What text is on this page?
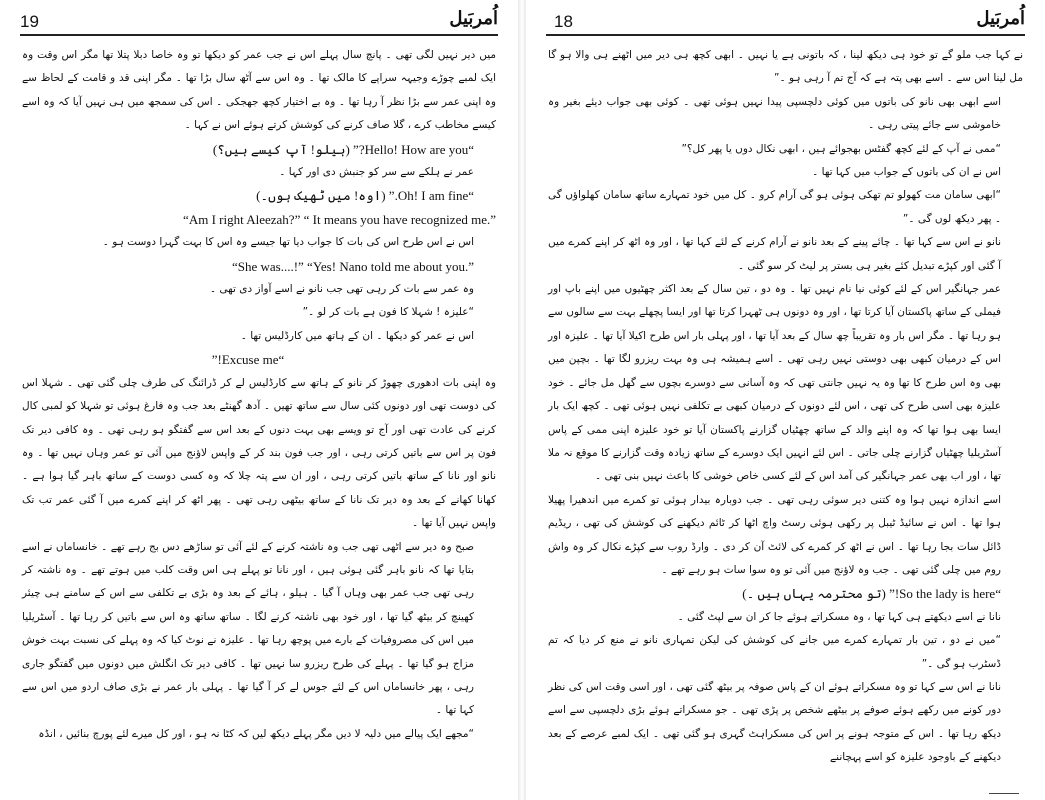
19	اُمربَیل

میں دیر نہیں لگی تھی ۔ پانچ سال پہلے اس نے جب عمر کو دیکھا تو وہ خاصا دبلا پتلا تھا مگر اس وقت وہ ایک لمبے چوڑے وجیہہ سراپے کا مالک تھا ۔ وہ اس سے آٹھ سال بڑا تھا ۔ مگر اپنی قد و قامت کے لحاظ سے وہ اپنی عمر سے بڑا نظر آ رہا تھا ۔ وہ بے اختیار کچھ جھجکی ۔ اس کی سمجھ میں ہی نہیں آیا کہ وہ اسے کیسے مخاطب کرے ، گلا صاف کرنے کی کوشش کرتے ہوئے اس نے کہا ۔

“Hello! How are you?” (ہیلو! آپ کیسے ہیں؟)

عمر نے ہلکے سے سر کو جنبش دی اور کہا ۔

“Oh! I am fine.” (اوہ! میں ٹھیک ہوں۔)

“Am I right Aleezah?” “ It means you have recognized me.”

اس نے اس طرح اس کی بات کا جواب دیا تھا جیسے وہ اس کا بہت گہرا دوست ہو ۔

“She was....!” “Yes! Nano told me about you.”

وہ عمر سے بات کر رہی تھی جب نانو نے اسے آواز دی تھی ۔

“علیزہ ! شہلا کا فون ہے بات کر لو ۔”

اس نے عمر کو دیکھا ۔ ان کے ہاتھ میں کارڈلیس تھا ۔

“Excuse me!”

وہ اپنی بات ادھوری چھوڑ کر نانو کے ہاتھ سے کارڈلیس لے کر ڈرائنگ کی طرف چلی گئی تھی ۔ شہلا اس کی دوست تھی اور دونوں کئی سال سے ساتھ تھیں ۔ آدھ گھنٹے بعد جب وہ فارغ ہوئی تو شہلا کو لمبی کال کرنے کی عادت تھی اور آج تو ویسے بھی بہت دنوں کے بعد اس سے گفتگو ہو رہی تھی ۔ وہ کافی دیر تک فون پر اس سے باتیں کرتی رہی ، اور جب فون بند کر کے واپس لاؤنج میں آئی تو عمر وہاں نہیں تھا ۔ وہ نانو اور نانا کے ساتھ باتیں کرتی رہی ، اور ان سے پتہ چلا کہ وہ کسی دوست کے ساتھ باہر گیا ہوا ہے ۔ کھانا کھانے کے بعد وہ دیر تک نانا کے ساتھ بیٹھی رہی تھی ۔ پھر اٹھ کر اپنے کمرے میں آ گئی عمر تب تک واپس نہیں آیا تھا ۔

صبح وہ دیر سے اٹھی تھی جب وہ ناشتہ کرنے کے لئے آئی تو ساڑھے دس بج رہے تھے ۔ خانساماں نے اسے بتایا تھا کہ نانو باہر گئی ہوئی ہیں ، اور نانا تو پہلے ہی اس وقت کلب میں ہوتے تھے ۔ وہ ناشتہ کر رہی تھی جب عمر بھی وہاں آ گیا ۔ ہیلو ، ہائے کے بعد وہ بڑی بے تکلفی سے اس کے سامنے ہی چیئر کھینچ کر بیٹھ گیا تھا ، اور خود بھی ناشتہ کرنے لگا ۔ ساتھ ساتھ وہ اس سے باتیں کر رہا تھا ۔ آسٹریلیا میں اس کی مصروفیات کے بارے میں پوچھ رہا تھا ۔ علیزہ نے نوٹ کیا کہ وہ پہلے کی نسبت بہت خوش مزاج ہو گیا تھا ۔ پہلے کی طرح ریزرو سا نہیں تھا ۔ کافی دیر تک انگلش میں دونوں میں گفتگو جاری رہی ، پھر خانساماں اس کے لئے جوس لے کر آ گیا تھا ۔ پہلی بار عمر نے بڑی صاف اردو میں اس سے کہا تھا ۔

“مجھے ایک پیالے میں دلیہ لا دیں مگر پہلے دیکھ لیں کہ کٹا نہ ہو ، اور کل میرے لئے پورچ بنائیں ، انڈہ

اُمربَیل
18

نے کہا جب ملو گے تو خود ہی دیکھ لینا ، کہ باتونی ہے یا نہیں ۔ ابھی کچھ ہی دیر میں اٹھنے ہی والا ہو گا مل لینا اس سے ۔ اسے بھی پتہ ہے کہ آج تم آ رہی ہو ۔”

اسے ابھی بھی نانو کی باتوں میں کوئی دلچسپی پیدا نہیں ہوئی تھی ۔ کوئی بھی جواب دیئے بغیر وہ خاموشی سے جائے پیتی رہی ۔

“ممی نے آپ کے لئے کچھ گفٹس بھجوائے ہیں ، ابھی نکال دوں یا پھر کل؟”

اس نے ان کی باتوں کے جواب میں کہا تھا ۔

“ابھی سامان مت کھولو تم تھکی ہوئی ہو گی آرام کرو ۔ کل میں خود تمہارے ساتھ سامان کھلواؤں گی ۔ پھر دیکھ لوں گی ۔”

نانو نے اس سے کہا تھا ۔ چائے پینے کے بعد نانو نے آرام کرنے کے لئے کہا تھا ، اور وہ اٹھ کر اپنے کمرے میں آ گئی اور کپڑے تبدیل کئے بغیر ہی بستر پر لیٹ کر سو گئی ۔

عمر جہانگیر اس کے لئے کوئی نیا نام نہیں تھا ۔ وہ دو ، تین سال کے بعد اکثر چھٹیوں میں اپنے باپ اور فیملی کے ساتھ پاکستان آیا کرتا تھا ، اور وہ دونوں ہی ٹھہرا کرتا تھا اور ایسا پچھلے بہت سے سالوں سے ہو رہا تھا ۔ مگر اس بار وہ تقریباً چھ سال کے بعد آیا تھا ، اور پہلی بار اس طرح اکیلا آیا تھا ۔ علیزہ اور اس کے درمیان کبھی بھی دوستی نہیں رہی تھی ۔ اسے ہمیشہ ہی وہ بہت ریزرو لگا تھا ۔ بچپن میں بھی وہ اس طرح کا تھا وہ یہ نہیں جانتی تھی کہ وہ آسانی سے دوسرے بچوں سے گھل مل جائے ۔ خود علیزہ بھی اسی طرح کی تھی ، اس لئے دونوں کے درمیان کبھی بے تکلفی نہیں ہوئی تھی ۔ کچھ ایک بار ایسا بھی ہوا تھا کہ وہ اپنے والد کے ساتھ چھٹیاں گزارنے پاکستان آیا تو خود علیزہ اپنی ممی کے پاس آسٹریلیا چھٹیاں گزارنے چلی جاتی ۔ اس لئے انہیں ایک دوسرے کے ساتھ زیادہ وقت گزارنے کا موقع نہ ملا تھا ، اور اب بھی عمر جہانگیر کی آمد اس کے لئے کسی خاص خوشی کا باعث نہیں بنی تھی ۔

اسے اندازہ نہیں ہوا وہ کتنی دیر سوئی رہی تھی ۔ جب دوبارہ بیدار ہوئی تو کمرے میں اندھیرا پھیلا ہوا تھا ۔ اس نے سائیڈ ٹیبل پر رکھی ہوئی رسٹ واچ اٹھا کر ٹائم دیکھنے کی کوشش کی تھی ، ریڈیم ڈائل سات بجا رہا تھا ۔ اس نے اٹھ کر کمرے کی لائٹ آن کر دی ۔ وارڈ روب سے کپڑے نکال کر وہ واش روم میں چلی گئی تھی ۔ جب وہ لاؤنج میں آئی تو وہ سوا سات ہو رہے تھے ۔

“So the lady is here!” (تو محترمہ یہاں ہیں ۔)

نانا نے اسے دیکھتے ہی کہا تھا ، وہ مسکراتے ہوئے جا کر ان سے لپٹ گئی ۔

“میں نے دو ، تین بار تمہارے کمرے میں جانے کی کوشش کی لیکن تمہاری نانو نے منع کر دیا کہ تم ڈسٹرب ہو گی ۔”

نانا نے اس سے کہا تو وہ مسکراتے ہوئے ان کے پاس صوفہ پر بیٹھ گئی تھی ، اور اسی وقت اس کی نظر دور کونے میں رکھے ہوئے صوفے پر بیٹھے شخص پر پڑی تھی ۔ جو مسکراتے ہوئے بڑی دلچسپی سے اسے دیکھ رہا تھا ۔ اس کے متوجہ ہونے پر اس کی مسکراہٹ گہری ہو گئی تھی ۔ ایک لمبے عرصے کے بعد دیکھنے کے باوجود علیزہ کو اسے پہچاننے
